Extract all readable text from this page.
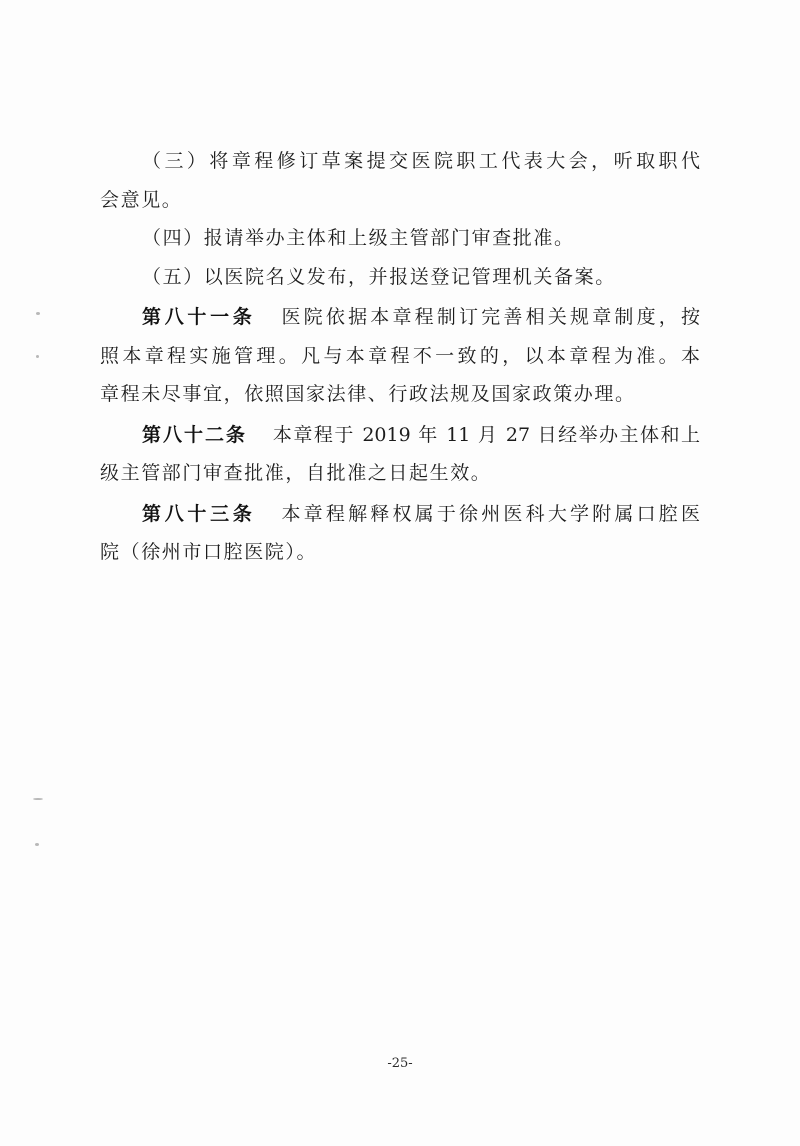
（三）将章程修订草案提交医院职工代表大会，听取职代
会意见。
（四）报请举办主体和上级主管部门审查批准。
（五）以医院名义发布，并报送登记管理机关备案。
第八十一条 医院依据本章程制订完善相关规章制度，按
照本章程实施管理。凡与本章程不一致的，以本章程为准。本
章程未尽事宜，依照国家法律、行政法规及国家政策办理。
第八十二条 本章程于 2019 年 11 月 27 日经举办主体和上
级主管部门审查批准，自批准之日起生效。
第八十三条 本章程解释权属于徐州医科大学附属口腔医
院（徐州市口腔医院）。
-25-
